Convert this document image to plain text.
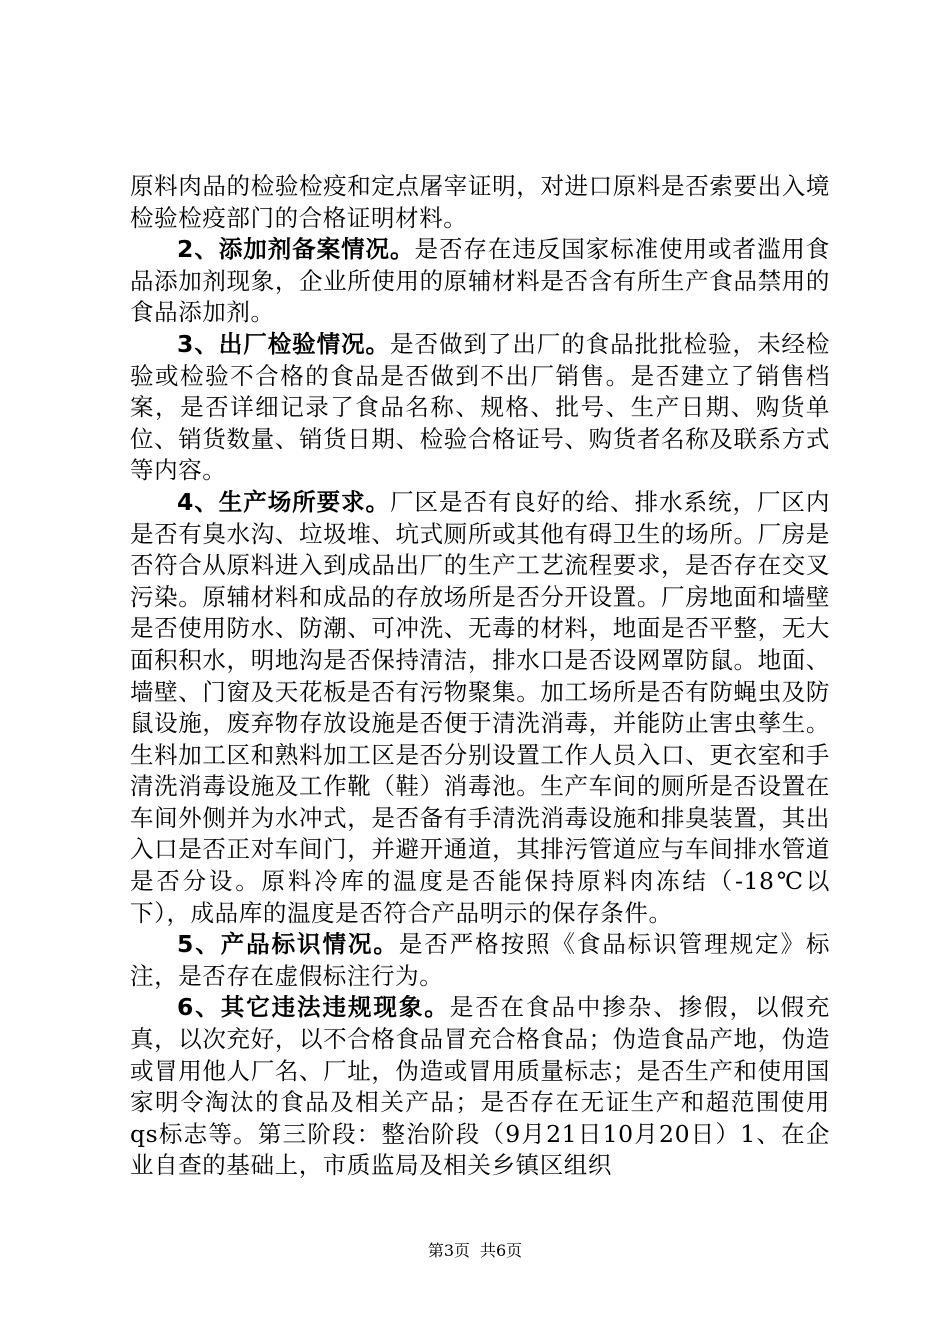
原料肉品的检验检疫和定点屠宰证明，对进口原料是否索要出入境检验检疫部门的合格证明材料。

2、添加剂备案情况。是否存在违反国家标准使用或者滥用食品添加剂现象，企业所使用的原辅材料是否含有所生产食品禁用的食品添加剂。

3、出厂检验情况。是否做到了出厂的食品批批检验，未经检验或检验不合格的食品是否做到不出厂销售。是否建立了销售档案，是否详细记录了食品名称、规格、批号、生产日期、购货单位、销货数量、销货日期、检验合格证号、购货者名称及联系方式等内容。

4、生产场所要求。厂区是否有良好的给、排水系统，厂区内是否有臭水沟、垃圾堆、坑式厕所或其他有碍卫生的场所。厂房是否符合从原料进入到成品出厂的生产工艺流程要求，是否存在交叉污染。原辅材料和成品的存放场所是否分开设置。厂房地面和墙壁是否使用防水、防潮、可冲洗、无毒的材料，地面是否平整，无大面积积水，明地沟是否保持清洁，排水口是否设网罩防鼠。地面、墙壁、门窗及天花板是否有污物聚集。加工场所是否有防蝇虫及防鼠设施，废弃物存放设施是否便于清洗消毒，并能防止害虫孳生。生料加工区和熟料加工区是否分别设置工作人员入口、更衣室和手清洗消毒设施及工作靴（鞋）消毒池。生产车间的厕所是否设置在车间外侧并为水冲式，是否备有手清洗消毒设施和排臭装置，其出入口是否正对车间门，并避开通道，其排污管道应与车间排水管道是否分设。原料冷库的温度是否能保持原料肉冻结（-18℃以下），成品库的温度是否符合产品明示的保存条件。

5、产品标识情况。是否严格按照《食品标识管理规定》标注，是否存在虚假标注行为。

6、其它违法违规现象。是否在食品中掺杂、掺假，以假充真，以次充好，以不合格食品冒充合格食品；伪造食品产地，伪造或冒用他人厂名、厂址，伪造或冒用质量标志；是否生产和使用国家明令淘汰的食品及相关产品；是否存在无证生产和超范围使用qs标志等。第三阶段：整治阶段（9月21日10月20日）1、在企业自查的基础上，市质监局及相关乡镇区组织

第3页 共6页
